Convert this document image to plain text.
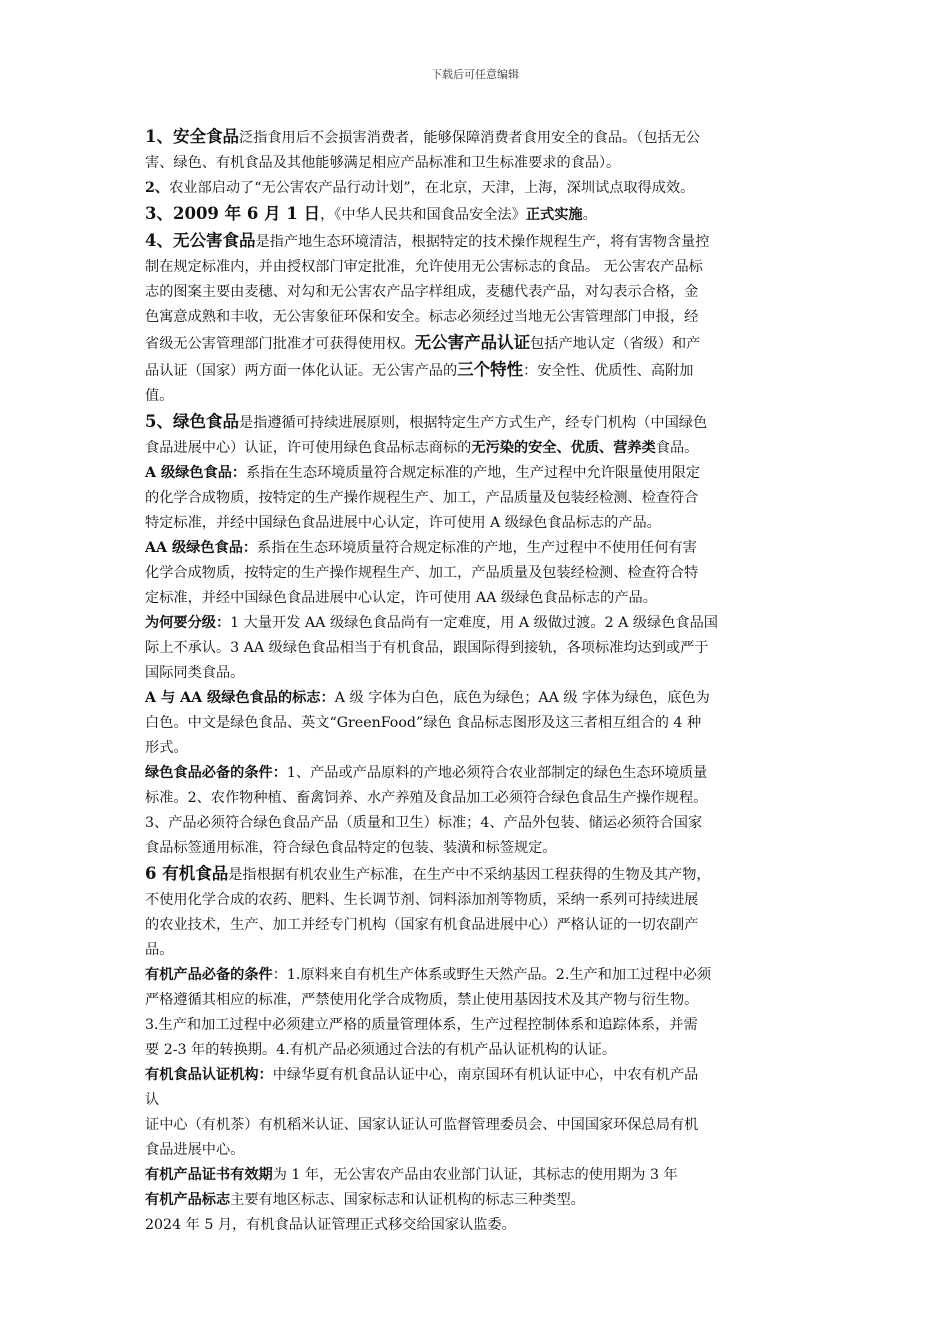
下载后可任意编辑
1、安全食品泛指食用后不会损害消费者，能够保障消费者食用安全的食品。（包括无公
害、绿色、有机食品及其他能够满足相应产品标准和卫生标准要求的食品）。
2、农业部启动了“无公害农产品行动计划”，在北京，天津，上海，深圳试点取得成效。
3、2009 年 6 月 1 日，《中华人民共和国食品安全法》正式实施。
4、无公害食品是指产地生态环境清洁，根据特定的技术操作规程生产，将有害物含量控
制在规定标准内，并由授权部门审定批准，允许使用无公害标志的食品。 无公害农产品标
志的图案主要由麦穗、对勾和无公害农产品字样组成，麦穗代表产品，对勾表示合格，金
色寓意成熟和丰收，无公害象征环保和安全。标志必须经过当地无公害管理部门申报，经
省级无公害管理部门批准才可获得使用权。无公害产品认证包括产地认定（省级）和产
品认证（国家）两方面一体化认证。无公害产品的三个特性：安全性、优质性、高附加
值。
5、绿色食品是指遵循可持续进展原则，根据特定生产方式生产，经专门机构（中国绿色
食品进展中心）认证，许可使用绿色食品标志商标的无污染的安全、优质、营养类食品。
A 级绿色食品：系指在生态环境质量符合规定标准的产地，生产过程中允许限量使用限定
的化学合成物质，按特定的生产操作规程生产、加工，产品质量及包装经检测、检查符合
特定标准，并经中国绿色食品进展中心认定，许可使用 A 级绿色食品标志的产品。
AA 级绿色食品：系指在生态环境质量符合规定标准的产地，生产过程中不使用任何有害
化学合成物质，按特定的生产操作规程生产、加工，产品质量及包装经检测、检查符合特
定标准，并经中国绿色食品进展中心认定，许可使用 AA 级绿色食品标志的产品。
为何要分级：1 大量开发 AA 级绿色食品尚有一定难度，用 A 级做过渡。2 A 级绿色食品国
际上不承认。3 AA 级绿色食品相当于有机食品，跟国际得到接轨，各项标准均达到或严于
国际同类食品。
A 与 AA 级绿色食品的标志：A 级 字体为白色，底色为绿色；AA 级 字体为绿色，底色为
白色。中文是绿色食品、英文“GreenFood”绿色 食品标志图形及这三者相互组合的 4 种
形式。
绿色食品必备的条件：1、产品或产品原料的产地必须符合农业部制定的绿色生态环境质量
标准。2、农作物种植、畜禽饲养、水产养殖及食品加工必须符合绿色食品生产操作规程。
3、产品必须符合绿色食品产品（质量和卫生）标准；4、产品外包装、储运必须符合国家
食品标签通用标准，符合绿色食品特定的包装、装潢和标签规定。
6 有机食品是指根据有机农业生产标准，在生产中不采纳基因工程获得的生物及其产物，
不使用化学合成的农药、肥料、生长调节剂、饲料添加剂等物质，采纳一系列可持续进展
的农业技术，生产、加工并经专门机构（国家有机食品进展中心）严格认证的一切农副产
品。
有机产品必备的条件：1.原料来自有机生产体系或野生天然产品。2.生产和加工过程中必须
严格遵循其相应的标准，严禁使用化学合成物质，禁止使用基因技术及其产物与衍生物。
3.生产和加工过程中必须建立严格的质量管理体系，生产过程控制体系和追踪体系，并需
要 2-3 年的转换期。4.有机产品必须通过合法的有机产品认证机构的认证。
有机食品认证机构：中绿华夏有机食品认证中心，南京国环有机认证中心，中农有机产品
认
证中心（有机茶）有机稻米认证、国家认证认可监督管理委员会、中国国家环保总局有机
食品进展中心。
有机产品证书有效期为 1 年，无公害农产品由农业部门认证，其标志的使用期为 3 年
有机产品标志主要有地区标志、国家标志和认证机构的标志三种类型。
2024 年 5 月，有机食品认证管理正式移交给国家认监委。
